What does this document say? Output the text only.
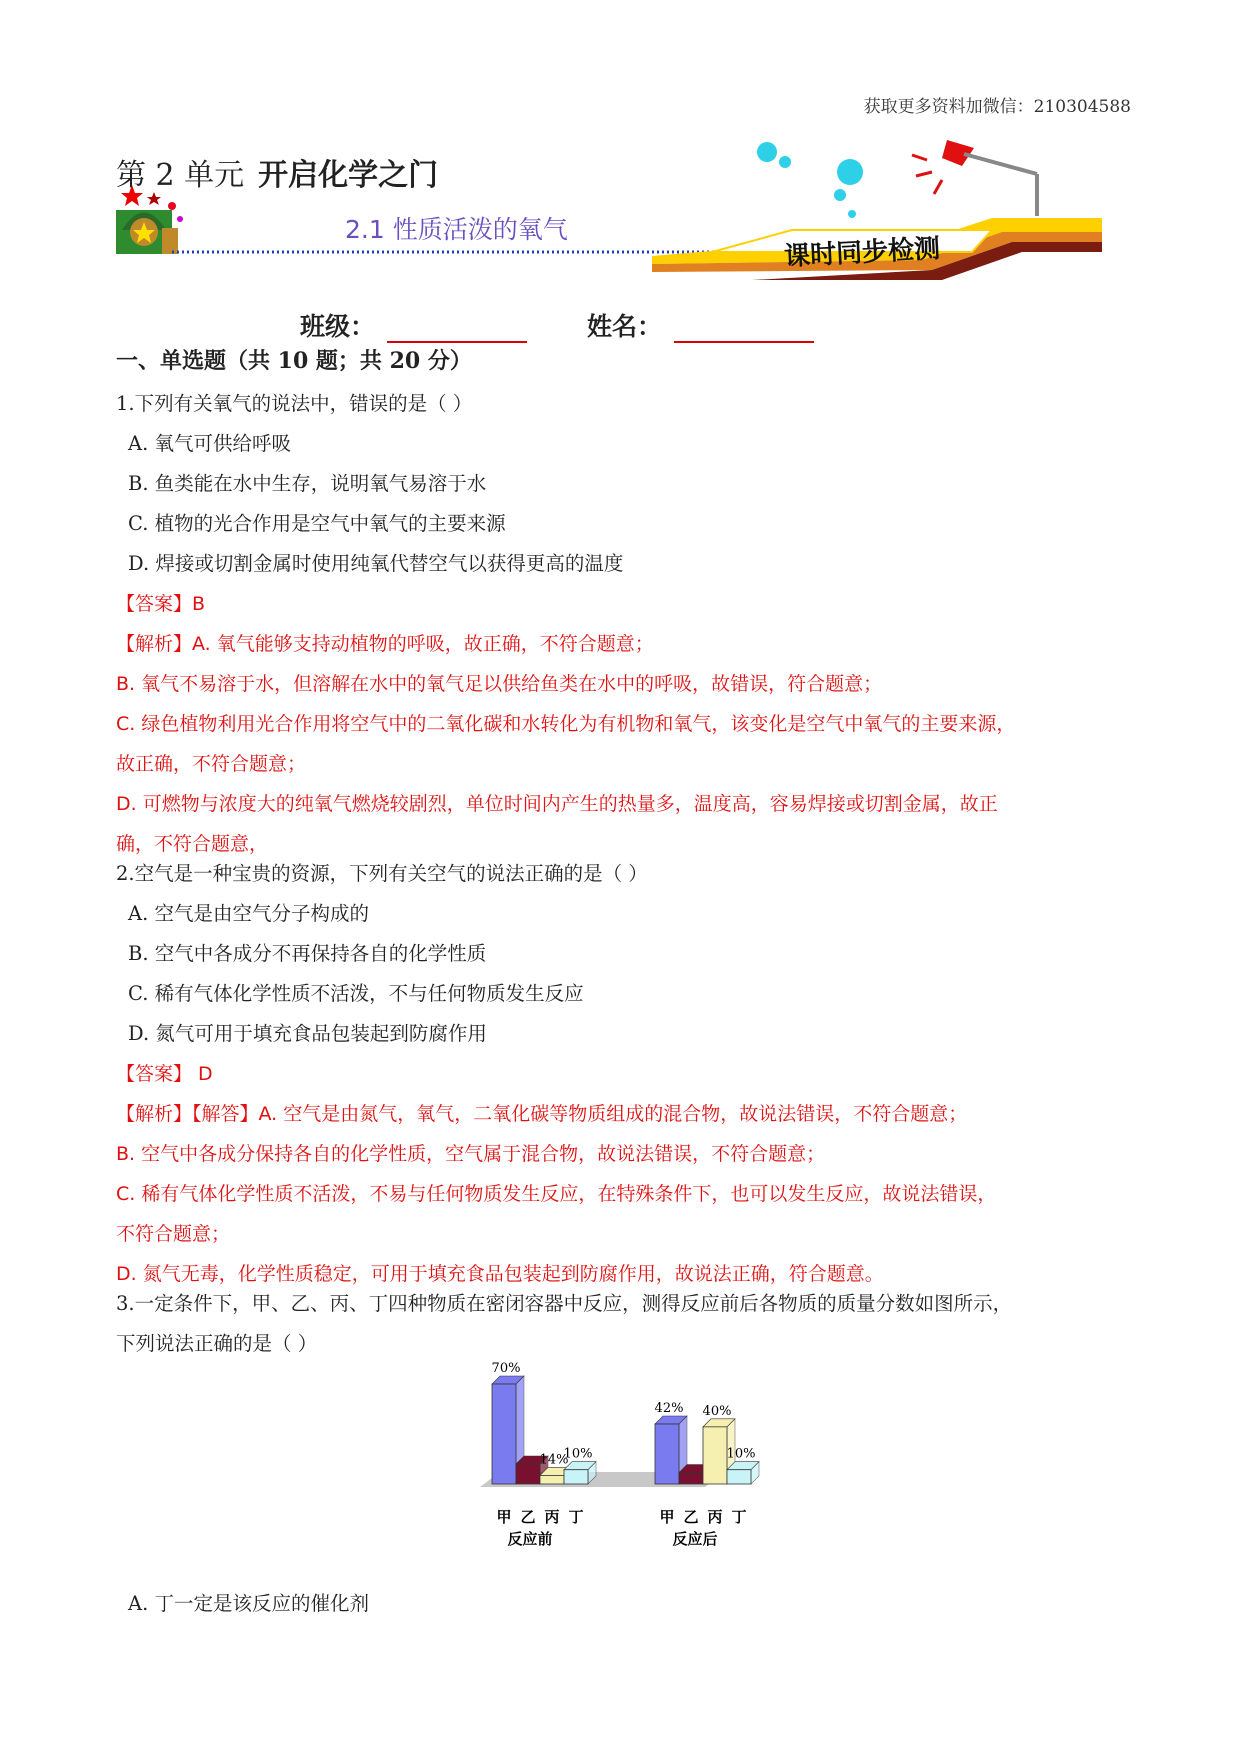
获取更多资料加微信：210304588
第 2 单元 开启化学之门
2.1 性质活泼的氧气
课时同步检测
班级：	姓名：
一、单选题（共 10 题；共 20 分）
1.下列有关氧气的说法中，错误的是（ ）
A. 氧气可供给呼吸
B. 鱼类能在水中生存，说明氧气易溶于水
C. 植物的光合作用是空气中氧气的主要来源
D. 焊接或切割金属时使用纯氧代替空气以获得更高的温度
【答案】B
【解析】A. 氧气能够支持动植物的呼吸，故正确，不符合题意；
B. 氧气不易溶于水，但溶解在水中的氧气足以供给鱼类在水中的呼吸，故错误，符合题意；
C. 绿色植物利用光合作用将空气中的二氧化碳和水转化为有机物和氧气，该变化是空气中氧气的主要来源，
故正确，不符合题意；
D. 可燃物与浓度大的纯氧气燃烧较剧烈，单位时间内产生的热量多，温度高，容易焊接或切割金属，故正
确，不符合题意，
2.空气是一种宝贵的资源，下列有关空气的说法正确的是（ ）
A. 空气是由空气分子构成的
B. 空气中各成分不再保持各自的化学性质
C. 稀有气体化学性质不活泼，不与任何物质发生反应
D. 氮气可用于填充食品包装起到防腐作用
【答案】 D
【解析】【解答】A. 空气是由氮气，氧气，二氧化碳等物质组成的混合物，故说法错误，不符合题意；
B. 空气中各成分保持各自的化学性质，空气属于混合物，故说法错误，不符合题意；
C. 稀有气体化学性质不活泼，不易与任何物质发生反应，在特殊条件下，也可以发生反应，故说法错误，
不符合题意；
D. 氮气无毒，化学性质稳定，可用于填充食品包装起到防腐作用，故说法正确，符合题意。
3.一定条件下，甲、乙、丙、丁四种物质在密闭容器中反应，测得反应前后各物质的质量分数如图所示，
下列说法正确的是（ ）
反应前	反应后
70%
甲 乙
14%
丙
10%
丁
42%
甲 乙
40%
丙
10%
丁
A. 丁一定是该反应的催化剂
